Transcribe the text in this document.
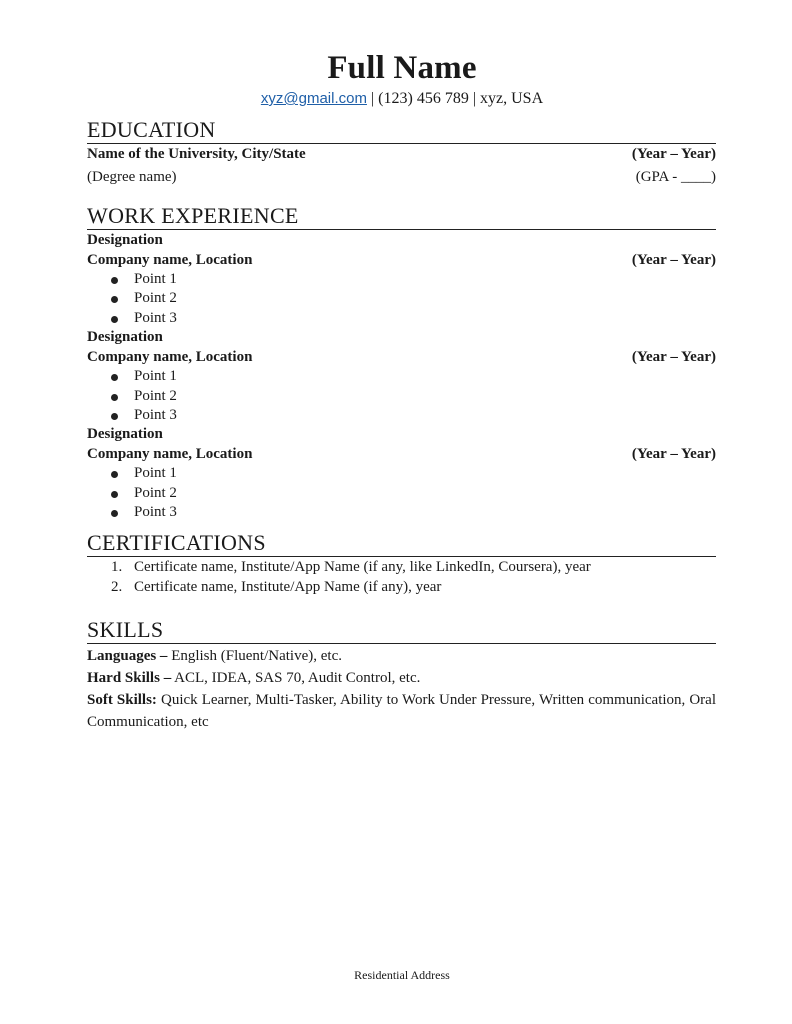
Full Name
xyz@gmail.com | (123) 456 789 | xyz, USA
EDUCATION
Name of the University, City/State	(Year – Year)
(Degree name)	(GPA - ____)
WORK EXPERIENCE
Designation
Company name, Location	(Year – Year)
Point 1
Point 2
Point 3
Designation
Company name, Location	(Year – Year)
Point 1
Point 2
Point 3
Designation
Company name, Location	(Year – Year)
Point 1
Point 2
Point 3
CERTIFICATIONS
1. Certificate name, Institute/App Name (if any, like LinkedIn, Coursera), year
2. Certificate name, Institute/App Name (if any), year
SKILLS

Languages – English (Fluent/Native), etc.

Hard Skills – ACL, IDEA, SAS 70, Audit Control, etc.

Soft Skills: Quick Learner, Multi-Tasker, Ability to Work Under Pressure, Written communication, Oral Communication, etc

Residential Address
